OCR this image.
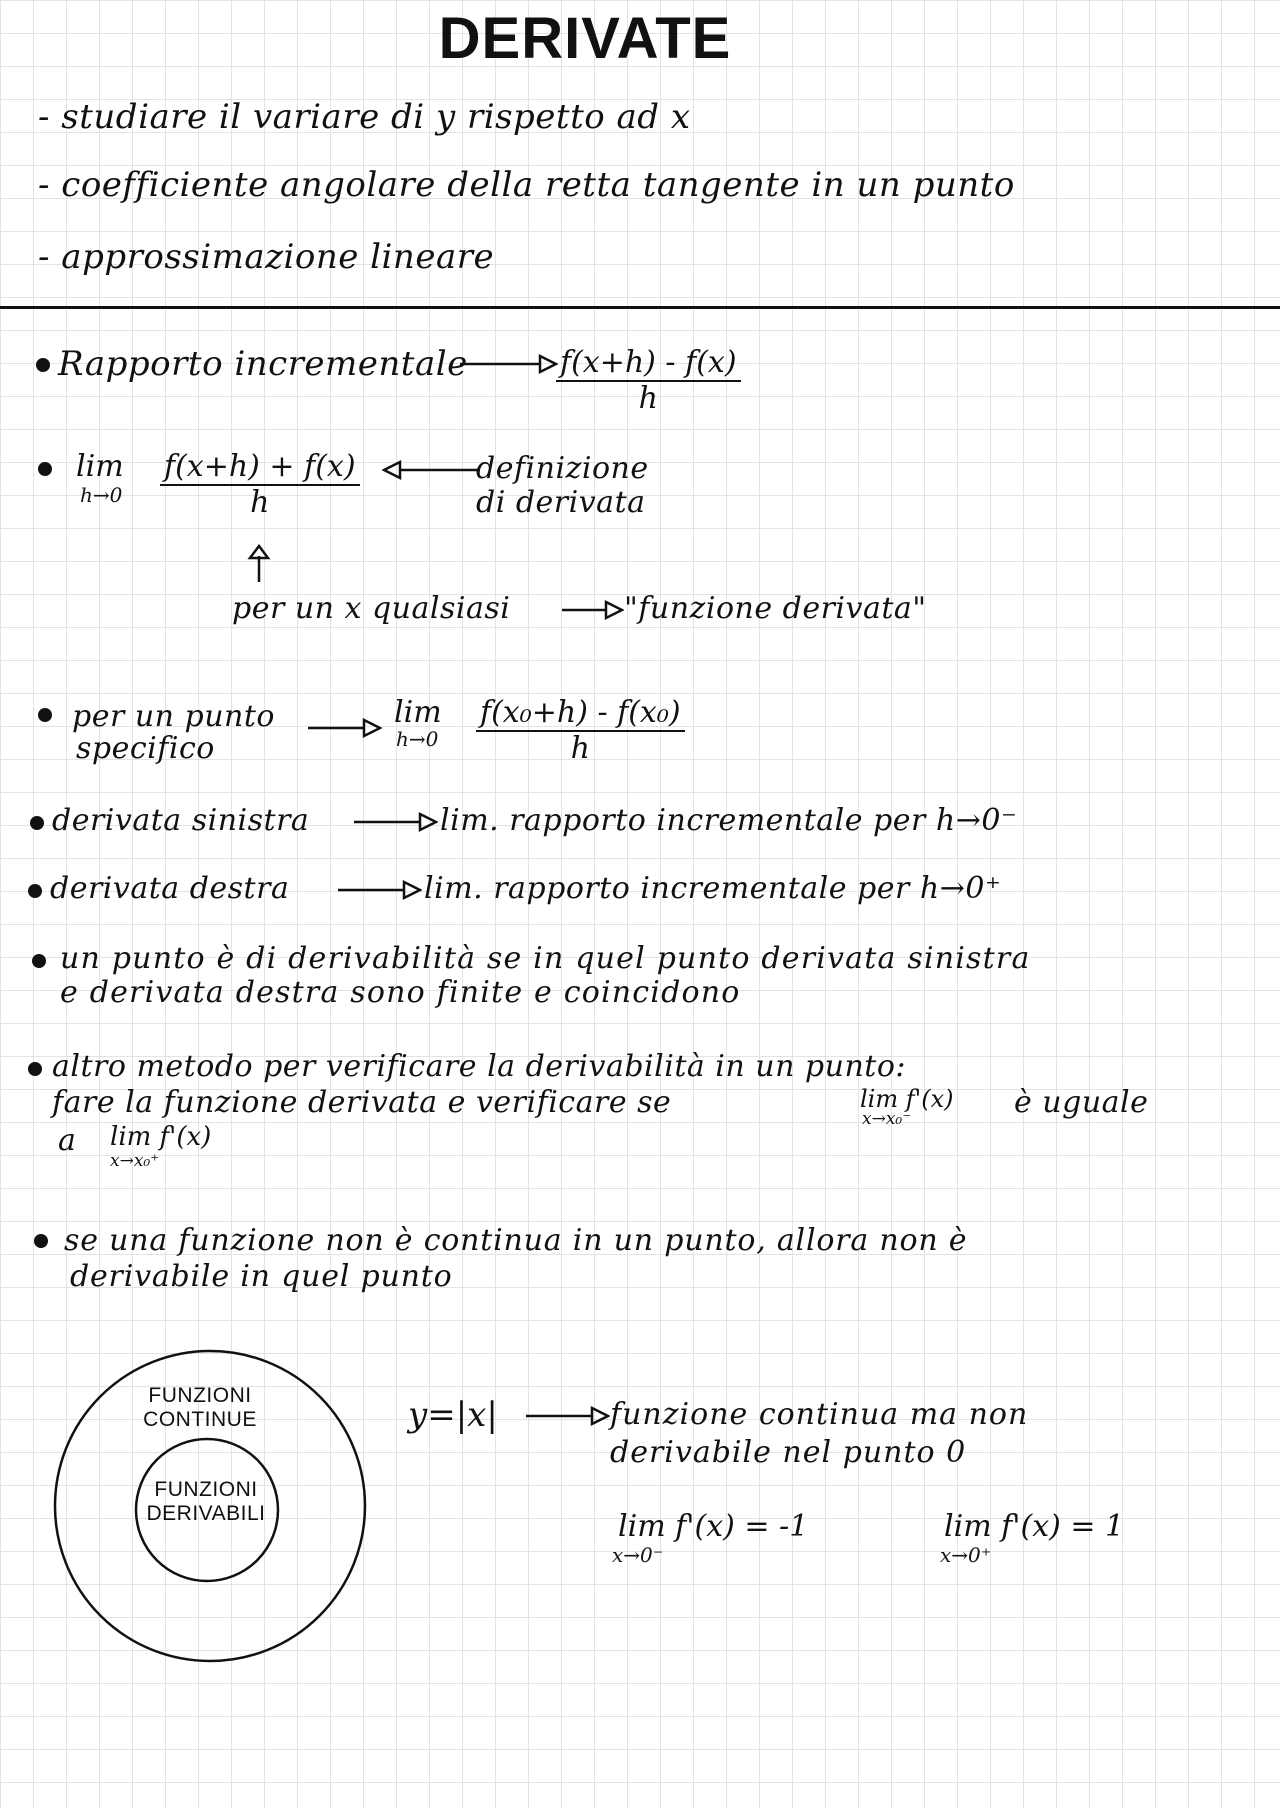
DERIVATE
- studiare il variare di y rispetto ad x
- coefficiente angolare della retta tangente in un punto
- approssimazione lineare
Rapporto incrementale	$\frac{f(x+h) - f(x)}{h}$
lim
$h\to 0 \frac{f(x+h) + f(x)}{h}$	definizione
di derivata
per un x qualsiasi	"funzione derivata"
per un punto
specifico
lim
$h\to 0 \frac{\text{f(x₀+h) - f(x₀)}}{h}$
derivata sinistra	lim. rapporto incrementale per h→0⁻
derivata destra	lim. rapporto incrementale per h→0⁺
un punto è di derivabilità se in quel punto derivata sinistra
e derivata destra sono finite e coincidono
altro metodo per verificare la derivabilità in un punto:
fare la funzione derivata e verificare se	lim f'(x)
x→x₀⁻	è uguale
a lim f'(x)
x→x₀⁺
se una funzione non è continua in un punto, allora non è
derivabile in quel punto
FUNZIONI
CONTINUE
FUNZIONI
DERIVABILI
y=|x|	funzione continua ma non
derivabile nel punto 0
lim f'(x) = -1
x→0⁻
lim f'(x) = 1
x→0⁺
